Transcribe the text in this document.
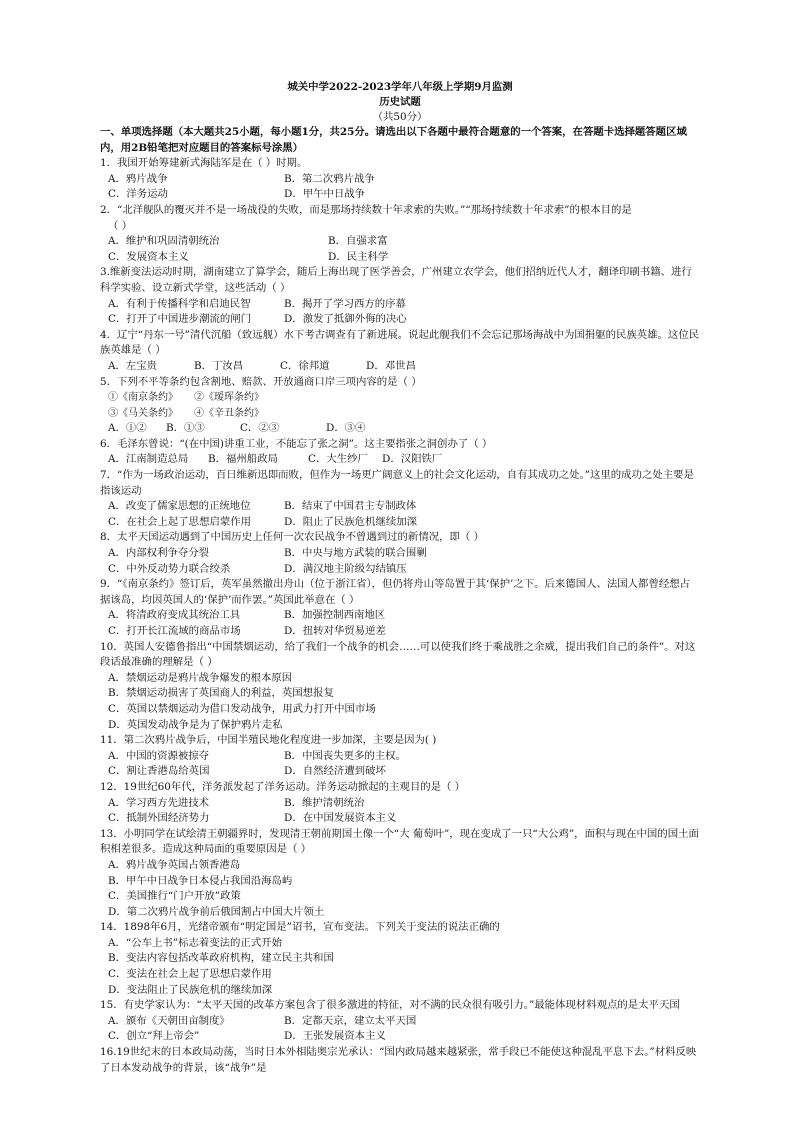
城关中学2022-2023学年八年级上学期9月监测
历史试题
（共50分）
一、单项选择题（本大题共25小题，每小题1分，共25分。请选出以下各题中最符合题意的一个答案，在答题卡选择题答题区域内，用2B铅笔把对应题目的答案标号涂黑）
1．我国开始筹建新式海陆军是在（ ）时期。
A．鸦片战争	B．第二次鸦片战争
C．洋务运动	D．甲午中日战争
2．“北洋舰队的覆灭并不是一场战役的失败，而是那场持续数十年求索的失败。”“那场持续数十年求索”的根本目的是
（ ）
A．维护和巩固清朝统治	B．自强求富
C．发展资本主义	D．民主科学
3.维新变法运动时期，湖南建立了算学会，随后上海出现了医学善会，广州建立农学会，他们招纳近代人才，翻译印刷书籍、进行科学实验、设立新式学堂，这些活动（ ）
A．有利于传播科学和启迪民智	B．揭开了学习西方的序幕
C．打开了中国进步潮流的闸门	D．激发了抵御外侮的决心
4．辽宁“丹东一号”清代沉船（致远舰）水下考古调查有了新进展。说起此舰我们不会忘记那场海战中为国捐躯的民族英雄。这位民族英雄是（ ）
A．左宝贵	B．丁汝昌	C．徐邦道	D．邓世昌
5．下列不平等条约包含割地、赔款、开放通商口岸三项内容的是（ ）
①《南京条约》	②《瑷珲条约》
③《马关条约》	④《辛丑条约》
A．①②	B．①③	C．②③	D．③④
6．毛泽东曾说：“(在中国)讲重工业，不能忘了张之洞”。这主要指张之洞创办了（ ）
A．江南制造总局	B．福州船政局	C．大生纱厂	D．汉阳铁厂
7．“作为一场政治运动，百日维新迅即而败，但作为一场更广阔意义上的社会文化运动，自有其成功之处。”这里的成功之处主要是指该运动
A．改变了儒家思想的正统地位	B．结束了中国君主专制政体
C．在社会上起了思想启蒙作用	D．阻止了民族危机继续加深
8．太平天国运动遇到了中国历史上任何一次农民战争不曾遇到过的新情况，即（ ）
A．内部权利争夺分裂	B．中央与地方武装的联合围剿
C．中外反动势力联合绞杀	D．满汉地主阶级勾结镇压
9．“《南京条约》签订后，英军虽然撤出舟山（位于浙江省），但仍将舟山等岛置于其‘保护’之下。后来德国人、法国人都曾经想占据该岛，均因英国人的‘保护’而作罢。”英国此举意在（ ）
A．将清政府变成其统治工具	B．加强控制西南地区
C．打开长江流域的商品市场	D．扭转对华贸易逆差
10．英国人安德鲁指出“中国禁烟运动，给了我们一个战争的机会……可以使我们终于乘战胜之余威，提出我们自己的条件”。对这段话最准确的理解是（ ）
A．禁烟运动是鸦片战争爆发的根本原因
B．禁烟运动损害了英国商人的利益，英国想报复
C．英国以禁烟运动为借口发动战争，用武力打开中国市场
D．英国发动战争是为了保护鸦片走私
11．第二次鸦片战争后，中国半殖民地化程度进一步加深，主要是因为( )
A．中国的资源被掠夺	B．中国丧失更多的主权。
C．割让香港岛给英国	D．自然经济遭到破坏
12．19世纪60年代，洋务派发起了洋务运动。洋务运动掀起的主观目的是（ ）
A．学习西方先进技术	B．维护清朝统治
C．抵制外国经济势力	D．在中国发展资本主义
13．小明同学在试绘清王朝疆界时，发现清王朝前期国土像一个“大 葡萄叶”，现在变成了一只“大公鸡”，面积与现在中国的国土面积相差很多。造成这种局面的重要原因是（ ）
A．鸦片战争英国占领香港岛
B．甲午中日战争日本侵占我国沿海岛屿
C．美国推行“门户开放”政策
D．第二次鸦片战争前后俄国割占中国大片领土
14．1898年6月，光绪帝颁布“明定国是”诏书，宣布变法。下列关于变法的说法正确的
A．“公车上书”标志着变法的正式开始
B．变法内容包括改革政府机构，建立民主共和国
C．变法在社会上起了思想启蒙作用
D．变法阻止了民族危机的继续加深
15．有史学家认为：“太平天国的改革方案包含了很多激进的特征，对不满的民众很有吸引力。”最能体现材料观点的是太平天国
A．颁布《天朝田亩制度》	B．定都天京，建立太平天国
C．创立“拜上帝会”	D．王张发展资本主义
16.19世纪末的日本政局动荡，当时日本外相陆奥宗光承认：“国内政局越来越紧张，常手段已不能使这种混乱平息下去。”材料反映了日本发动战争的背景，该“战争”是
